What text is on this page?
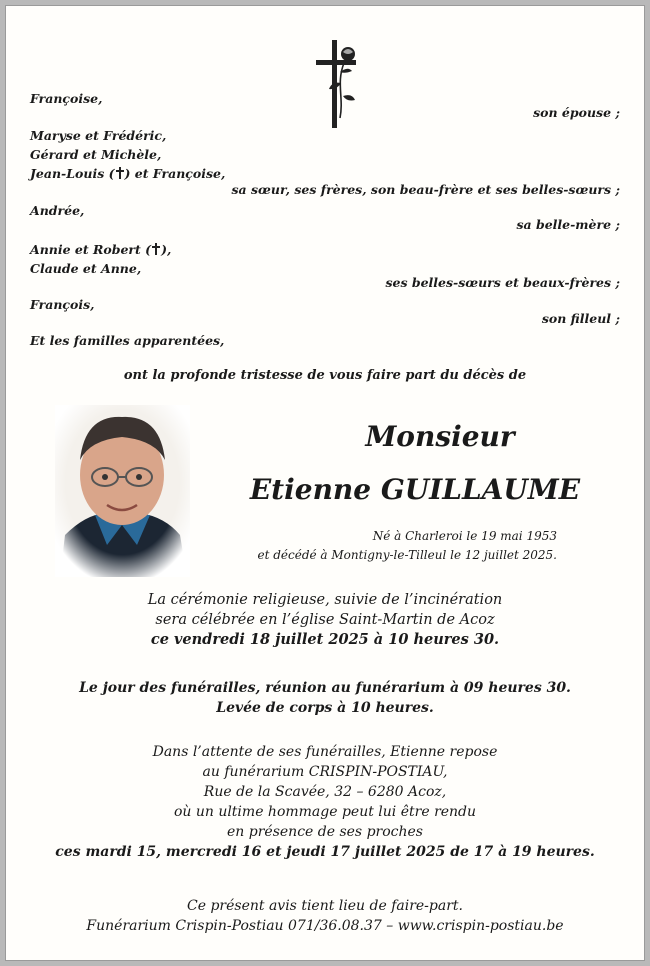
Françoise,
Maryse et Frédéric,
Gérard et Michèle,
Jean-Louis ( ) et Françoise,
Andrée,
Annie et Robert ( ),
Claude et Anne,
François,
Et les familles apparentées,
son épouse ;
sa sœur, ses frères, son beau-frère et ses belles-sœurs ;
sa belle-mère ;
ses belles-sœurs et beaux-frères ;
son filleul ;
ont la profonde tristesse de vous faire part du décès de
Monsieur
Etienne GUILLAUME
Né à Charleroi le 19 mai 1953
et décédé à Montigny-le-Tilleul le 12 juillet 2025.
La cérémonie religieuse, suivie de l’incinération
sera célébrée en l’église Saint-Martin de Acoz
ce vendredi 18 juillet 2025 à 10 heures 30.
Le jour des funérailles, réunion au funérarium à 09 heures 30.
Levée de corps à 10 heures.
Dans l’attente de ses funérailles, Etienne repose
au funérarium CRISPIN-POSTIAU,
Rue de la Scavée, 32 – 6280 Acoz,
où un ultime hommage peut lui être rendu
en présence de ses proches
ces mardi 15, mercredi 16 et jeudi 17 juillet 2025 de 17 à 19 heures.
Ce présent avis tient lieu de faire-part.
Funérarium Crispin-Postiau 071/36.08.37 – www.crispin-postiau.be
